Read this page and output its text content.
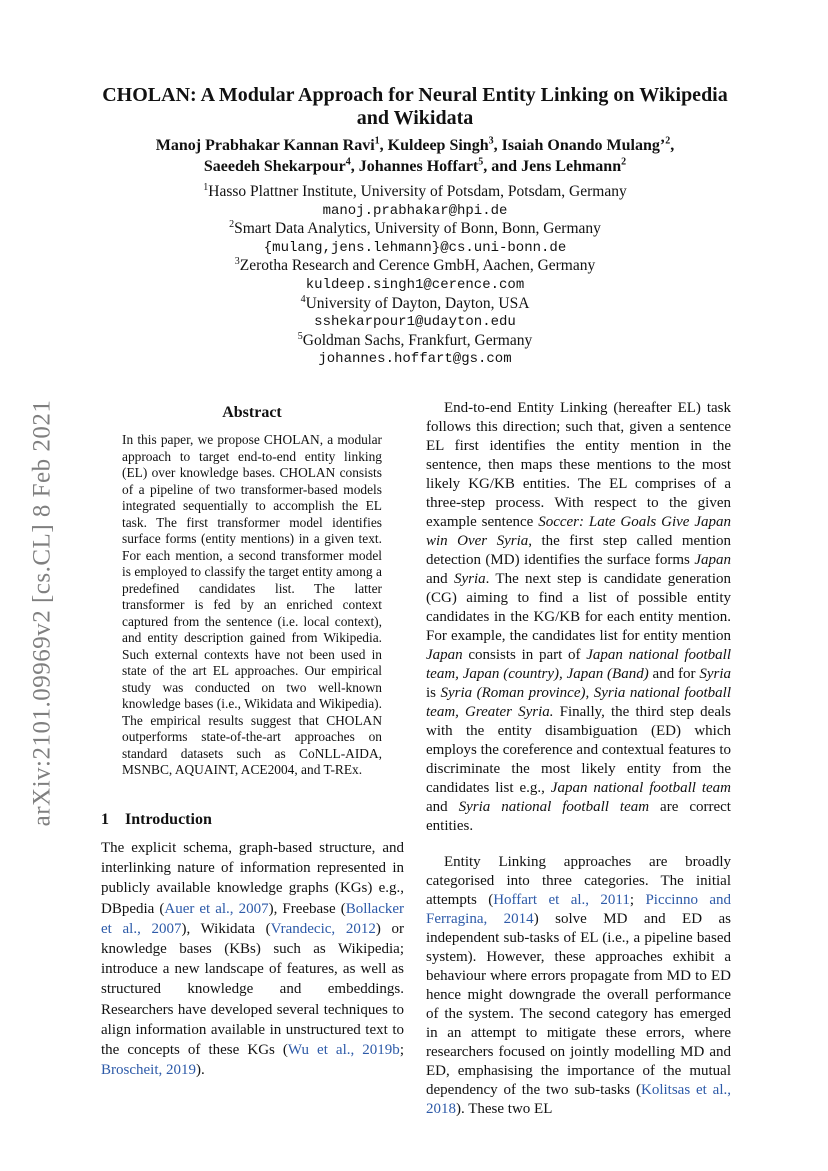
arXiv:2101.09969v2 [cs.CL] 8 Feb 2021
CHOLAN: A Modular Approach for Neural Entity Linking on Wikipedia
and Wikidata
Manoj Prabhakar Kannan Ravi$^1$, Kuldeep Singh$^3$, Isaiah Onando Mulang’$^2$,
Saeedeh Shekarpour$^4$, Johannes Hoffart$^5$, and Jens Lehmann$^2$
$^1$Hasso Plattner Institute, University of Potsdam, Potsdam, Germany
manoj.prabhakar@hpi.de
$^2$Smart Data Analytics, University of Bonn, Bonn, Germany
{mulang,jens.lehmann}@cs.uni-bonn.de
$^3$Zerotha Research and Cerence GmbH, Aachen, Germany
kuldeep.singh1@cerence.com
$^4$University of Dayton, Dayton, USA
sshekarpour1@udayton.edu
$^5$Goldman Sachs, Frankfurt, Germany
johannes.hoffart@gs.com
Abstract
In this paper, we propose CHOLAN, a modular approach to target end-to-end entity linking (EL) over knowledge bases. CHOLAN consists of a pipeline of two transformer-based models integrated sequentially to accomplish the EL task. The first transformer model identifies surface forms (entity mentions) in a given text. For each mention, a second transformer model is employed to classify the target entity among a predefined candidates list. The latter transformer is fed by an enriched context captured from the sentence (i.e. local context), and entity description gained from Wikipedia. Such external contexts have not been used in state of the art EL approaches. Our empirical study was conducted on two well-known knowledge bases (i.e., Wikidata and Wikipedia). The empirical results suggest that CHOLAN outperforms state-of-the-art approaches on standard datasets such as CoNLL-AIDA, MSNBC, AQUAINT, ACE2004, and T-REx.
1 Introduction
The explicit schema, graph-based structure, and interlinking nature of information represented in publicly available knowledge graphs (KGs) e.g., DBpedia (Auer et al., 2007), Freebase (Bollacker et al., 2007), Wikidata (Vrandecic, 2012) or knowledge bases (KBs) such as Wikipedia; introduce a new landscape of features, as well as structured knowledge and embeddings. Researchers have developed several techniques to align information available in unstructured text to the concepts of these KGs (Wu et al., 2019b; Broscheit, 2019).

End-to-end Entity Linking (hereafter EL) task follows this direction; such that, given a sentence EL first identifies the entity mention in the sentence, then maps these mentions to the most likely KG/KB entities. The EL comprises of a three-step process. With respect to the given example sentence Soccer: Late Goals Give Japan win Over Syria, the first step called mention detection (MD) identifies the surface forms Japan and Syria. The next step is candidate generation (CG) aiming to find a list of possible entity candidates in the KG/KB for each entity mention. For example, the candidates list for entity mention Japan consists in part of Japan national football team, Japan (country), Japan (Band) and for Syria is Syria (Roman province), Syria national football team, Greater Syria. Finally, the third step deals with the entity disambiguation (ED) which employs the coreference and contextual features to discriminate the most likely entity from the candidates list e.g., Japan national football team and Syria national football team are correct entities.

Entity Linking approaches are broadly categorised into three categories. The initial attempts (Hoffart et al., 2011; Piccinno and Ferragina, 2014) solve MD and ED as independent sub-tasks of EL (i.e., a pipeline based system). However, these approaches exhibit a behaviour where errors propagate from MD to ED hence might downgrade the overall performance of the system. The second category has emerged in an attempt to mitigate these errors, where researchers focused on jointly modelling MD and ED, emphasising the importance of the mutual dependency of the two sub-tasks (Kolitsas et al., 2018). These two EL
